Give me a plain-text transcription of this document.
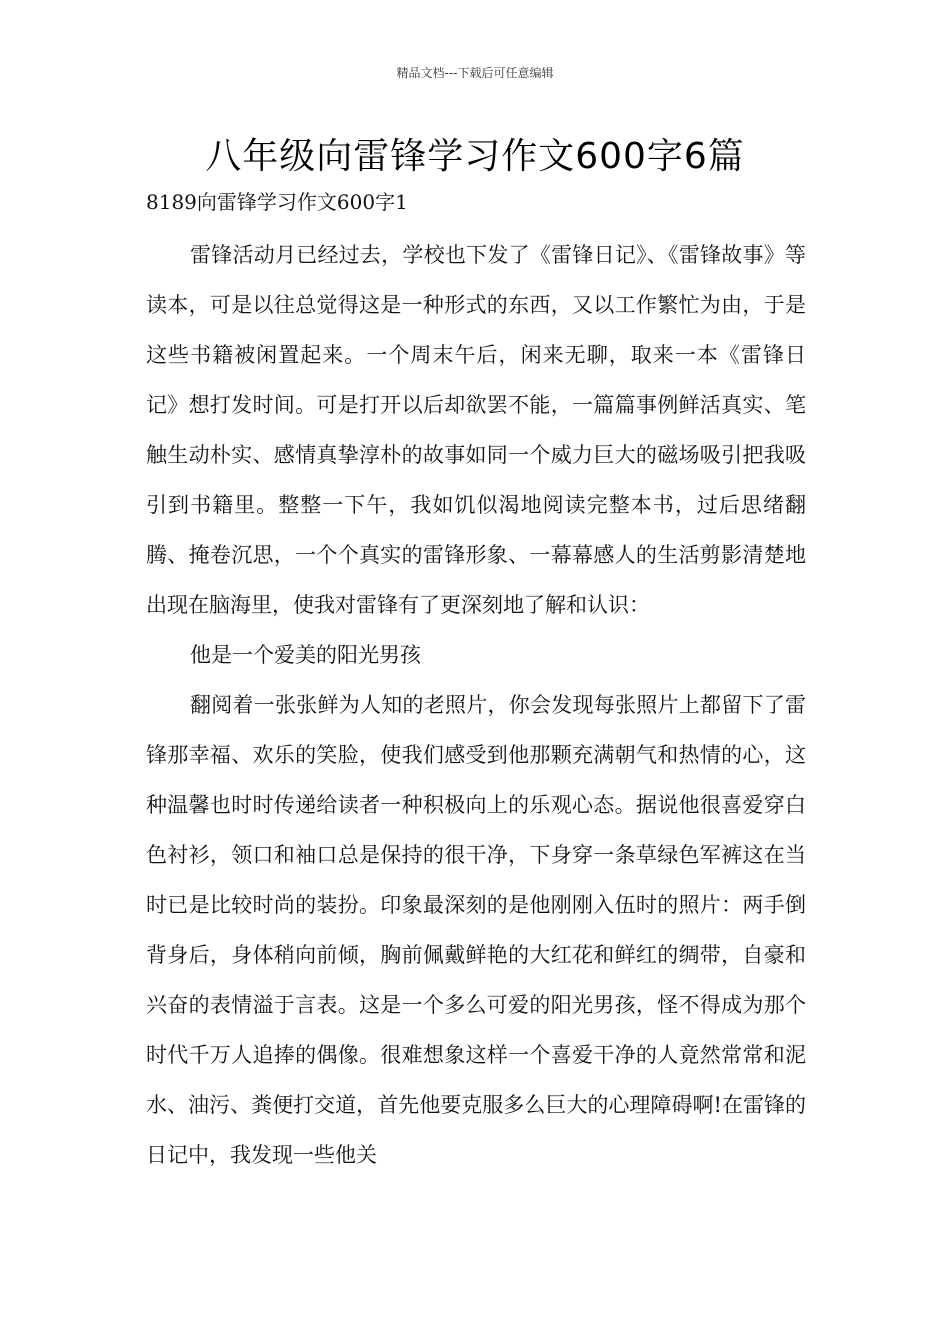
精品文档---下载后可任意编辑
八年级向雷锋学习作文600字6篇
8189向雷锋学习作文600字1

雷锋活动月已经过去，学校也下发了《雷锋日记》、《雷锋故事》等读本，可是以往总觉得这是一种形式的东西，又以工作繁忙为由，于是这些书籍被闲置起来。一个周末午后，闲来无聊，取来一本《雷锋日记》想打发时间。可是打开以后却欲罢不能，一篇篇事例鲜活真实、笔触生动朴实、感情真挚淳朴的故事如同一个威力巨大的磁场吸引把我吸引到书籍里。整整一下午，我如饥似渴地阅读完整本书，过后思绪翻腾、掩卷沉思，一个个真实的雷锋形象、一幕幕感人的生活剪影清楚地出现在脑海里，使我对雷锋有了更深刻地了解和认识：

他是一个爱美的阳光男孩

翻阅着一张张鲜为人知的老照片，你会发现每张照片上都留下了雷锋那幸福、欢乐的笑脸，使我们感受到他那颗充满朝气和热情的心，这种温馨也时时传递给读者一种积极向上的乐观心态。据说他很喜爱穿白色衬衫，领口和袖口总是保持的很干净，下身穿一条草绿色军裤这在当时已是比较时尚的装扮。印象最深刻的是他刚刚入伍时的照片：两手倒背身后，身体稍向前倾，胸前佩戴鲜艳的大红花和鲜红的绸带，自豪和兴奋的表情溢于言表。这是一个多么可爱的阳光男孩，怪不得成为那个时代千万人追捧的偶像。很难想象这样一个喜爱干净的人竟然常常和泥水、油污、粪便打交道，首先他要克服多么巨大的心理障碍啊!在雷锋的日记中，我发现一些他关
